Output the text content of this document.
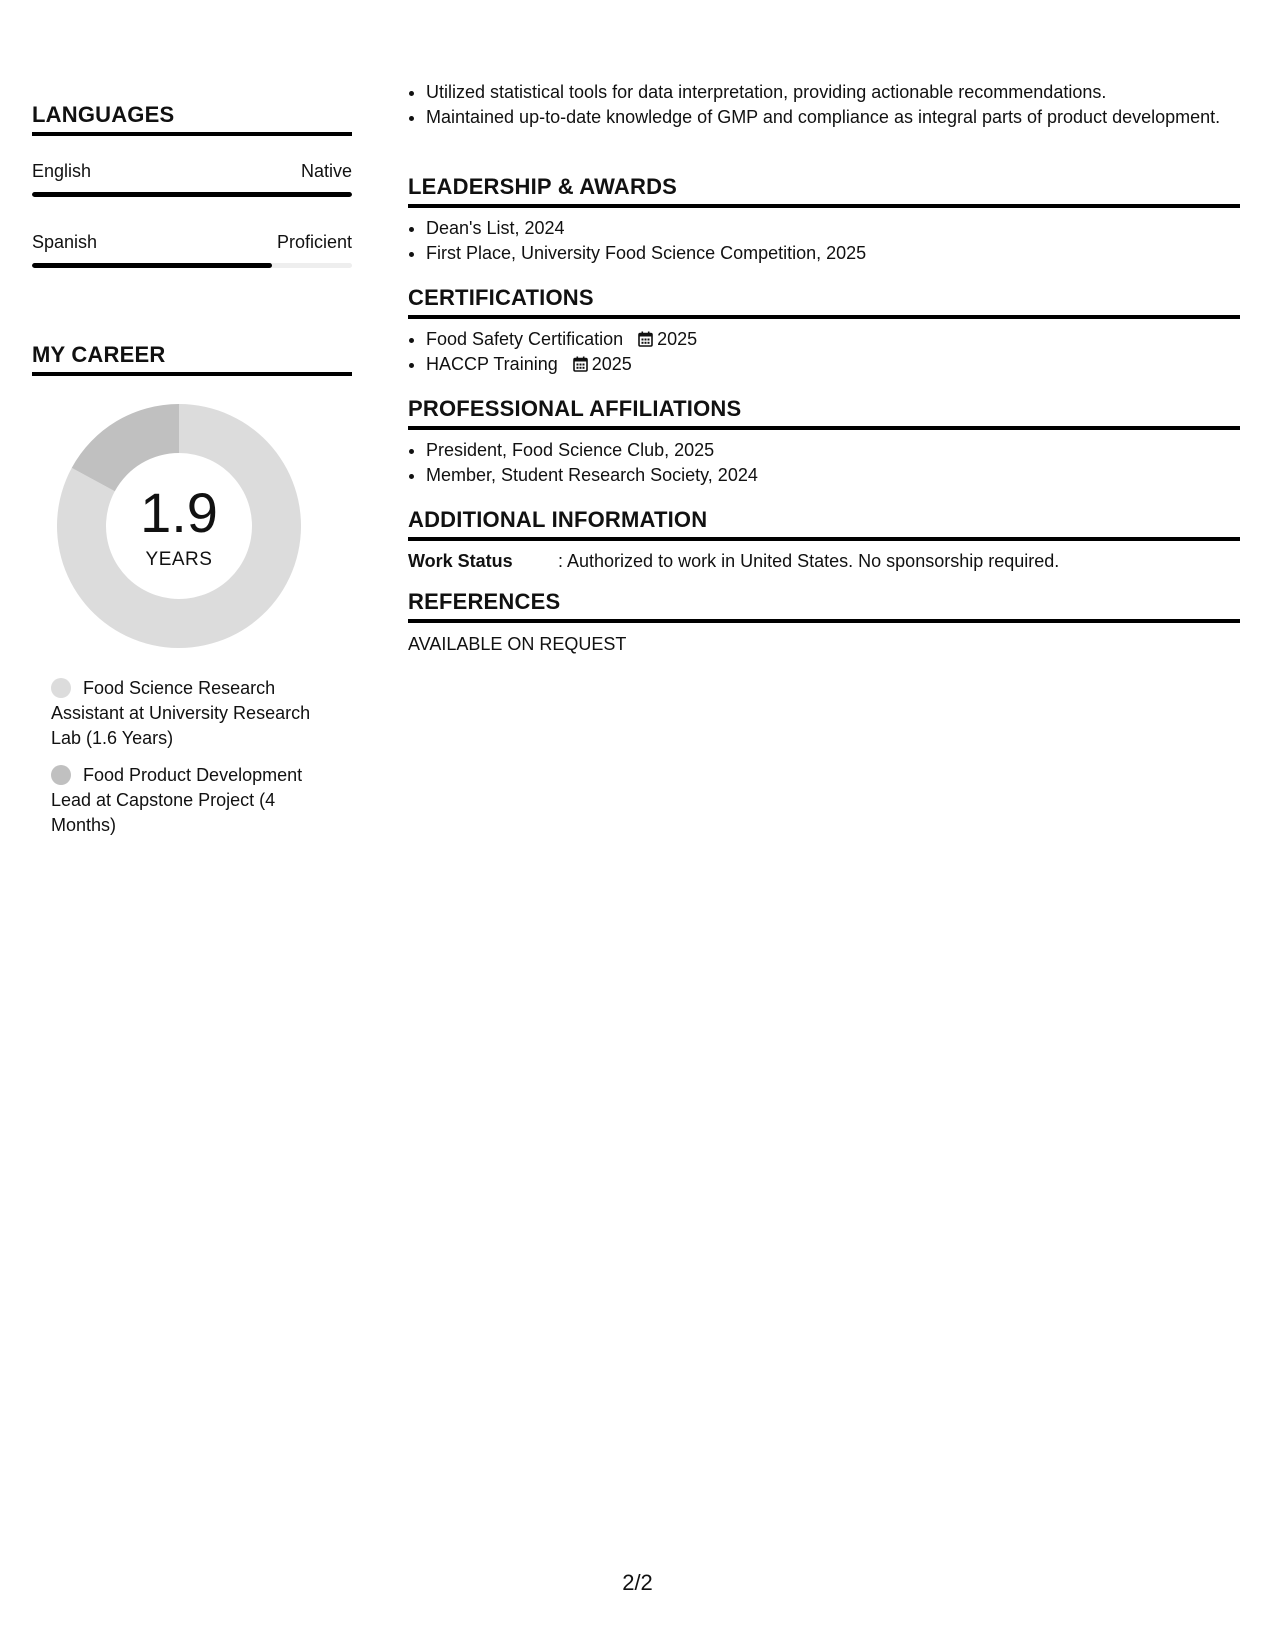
LANGUAGES
English	Native
Spanish	Proficient
MY CAREER
1.9
YEARS
Food Science Research Assistant at University Research Lab (1.6 Years)
Food Product Development Lead at Capstone Project (4 Months)
• Utilized statistical tools for data interpretation, providing actionable recommendations.
• Maintained up-to-date knowledge of GMP and compliance as integral parts of product development.
LEADERSHIP & AWARDS
• Dean's List, 2024
• First Place, University Food Science Competition, 2025
CERTIFICATIONS
• Food Safety Certification 2025
• HACCP Training 2025
PROFESSIONAL AFFILIATIONS
• President, Food Science Club, 2025
• Member, Student Research Society, 2024
ADDITIONAL INFORMATION
Work Status	: Authorized to work in United States. No sponsorship required.
REFERENCES
AVAILABLE ON REQUEST
2/2
